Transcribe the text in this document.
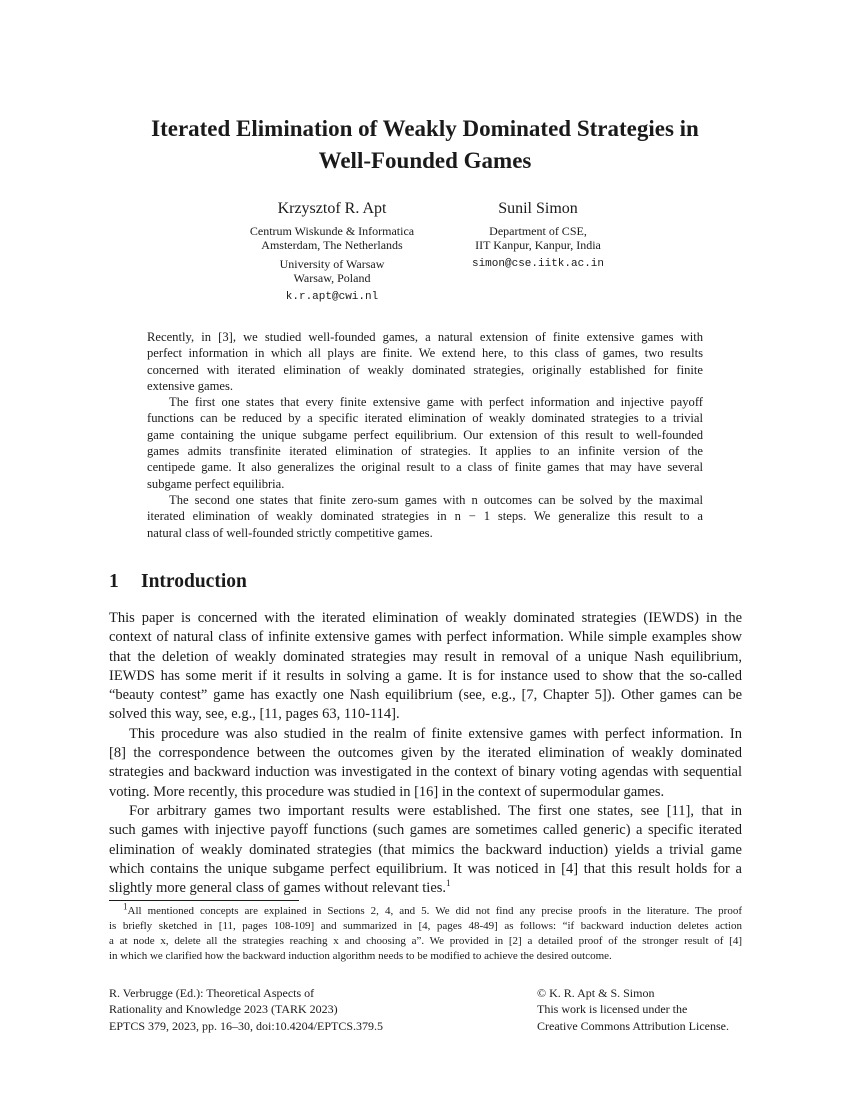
Iterated Elimination of Weakly Dominated Strategies in
Well-Founded Games
Krzysztof R. Apt
Centrum Wiskunde & Informatica
Amsterdam, The Netherlands
University of Warsaw
Warsaw, Poland
k.r.apt@cwi.nl
Sunil Simon
Department of CSE,
IIT Kanpur, Kanpur, India
simon@cse.iitk.ac.in
Recently, in [3], we studied well-founded games, a natural extension of finite extensive games with
perfect information in which all plays are finite. We extend here, to this class of games, two results
concerned with iterated elimination of weakly dominated strategies, originally established for finite
extensive games.
The first one states that every finite extensive game with perfect information and injective payoff
functions can be reduced by a specific iterated elimination of weakly dominated strategies to a trivial
game containing the unique subgame perfect equilibrium. Our extension of this result to well-founded
games admits transfinite iterated elimination of strategies. It applies to an infinite version of the
centipede game. It also generalizes the original result to a class of finite games that may have several
subgame perfect equilibria.
The second one states that finite zero-sum games with n outcomes can be solved by the maximal
iterated elimination of weakly dominated strategies in n − 1 steps. We generalize this result to a
natural class of well-founded strictly competitive games.
1 Introduction
This paper is concerned with the iterated elimination of weakly dominated strategies (IEWDS) in the
context of natural class of infinite extensive games with perfect information. While simple examples show
that the deletion of weakly dominated strategies may result in removal of a unique Nash equilibrium,
IEWDS has some merit if it results in solving a game. It is for instance used to show that the so-called
“beauty contest” game has exactly one Nash equilibrium (see, e.g., [7, Chapter 5]). Other games can be
solved this way, see, e.g., [11, pages 63, 110-114].
This procedure was also studied in the realm of finite extensive games with perfect information. In
[8] the correspondence between the outcomes given by the iterated elimination of weakly dominated
strategies and backward induction was investigated in the context of binary voting agendas with sequential
voting. More recently, this procedure was studied in [16] in the context of supermodular games.
For arbitrary games two important results were established. The first one states, see [11], that in
such games with injective payoff functions (such games are sometimes called generic) a specific iterated
elimination of weakly dominated strategies (that mimics the backward induction) yields a trivial game
which contains the unique subgame perfect equilibrium. It was noticed in [4] that this result holds for a
slightly more general class of games without relevant ties.$^1$
$^1$All mentioned concepts are explained in Sections 2, 4, and 5. We did not find any precise proofs in the literature. The proof
is briefly sketched in [11, pages 108-109] and summarized in [4, pages 48-49] as follows: “if backward induction deletes action
a at node x, delete all the strategies reaching x and choosing a”. We provided in [2] a detailed proof of the stronger result of [4]
in which we clarified how the backward induction algorithm needs to be modified to achieve the desired outcome.
R. Verbrugge (Ed.): Theoretical Aspects of
Rationality and Knowledge 2023 (TARK 2023)
EPTCS 379, 2023, pp. 16–30, doi:10.4204/EPTCS.379.5
© K. R. Apt & S. Simon
This work is licensed under the
Creative Commons Attribution License.
